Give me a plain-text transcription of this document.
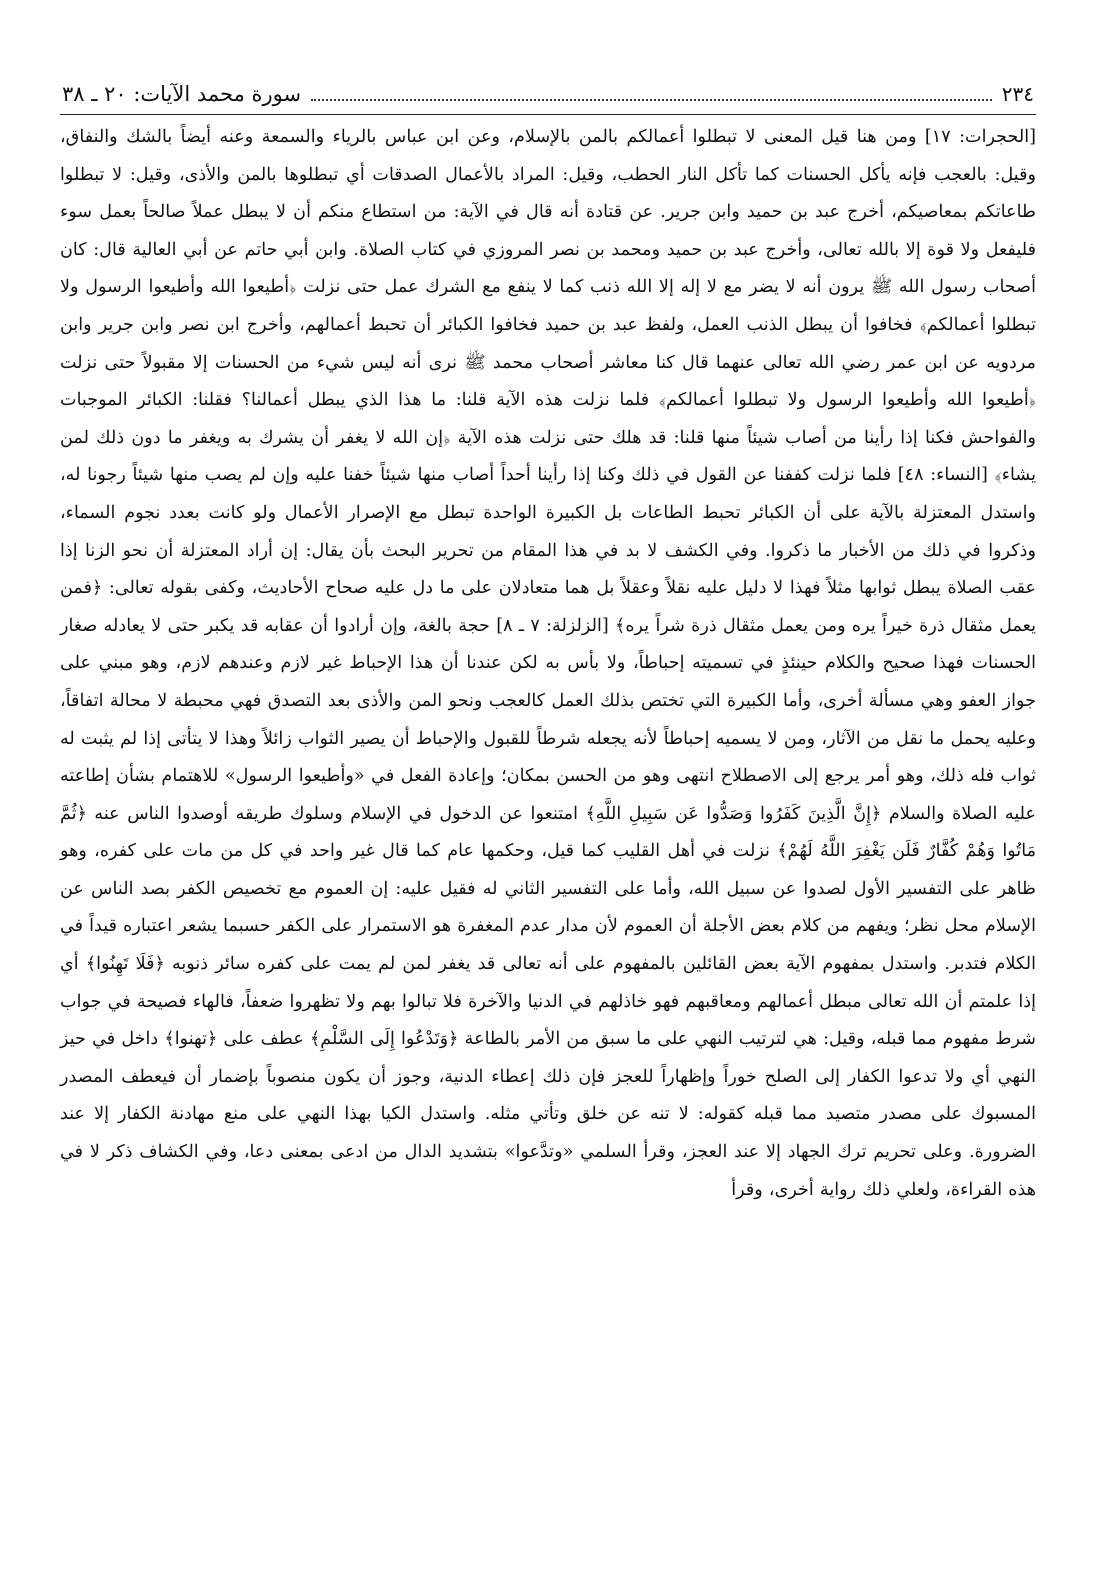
٢٣٤
سورة محمد الآيات: ٢٠ ـ ٣٨

[الحجرات: ١٧] ومن هنا قيل المعنى لا تبطلوا أعمالكم بالمن بالإسلام، وعن ابن عباس بالرياء والسمعة وعنه أيضاً بالشك والنفاق، وقيل: بالعجب فإنه يأكل الحسنات كما تأكل النار الحطب، وقيل: المراد بالأعمال الصدقات أي تبطلوها بالمن والأذى، وقيل: لا تبطلوا طاعاتكم بمعاصيكم، أخرج عبد بن حميد وابن جرير. عن قتادة أنه قال في الآية: من استطاع منكم أن لا يبطل عملاً صالحاً بعمل سوء فليفعل ولا قوة إلا بالله تعالى، وأخرج عبد بن حميد ومحمد بن نصر المروزي في كتاب الصلاة. وابن أبي حاتم عن أبي العالية قال: كان أصحاب رسول الله ﷺ يرون أنه لا يضر مع لا إله إلا الله ذنب كما لا ينفع مع الشرك عمل حتى نزلت ﴿أطيعوا الله وأطيعوا الرسول ولا تبطلوا أعمالكم﴾ فخافوا أن يبطل الذنب العمل، ولفظ عبد بن حميد فخافوا الكبائر أن تحبط أعمالهم، وأخرج ابن نصر وابن جرير وابن مردويه عن ابن عمر رضي الله تعالى عنهما قال كنا معاشر أصحاب محمد ﷺ نرى أنه ليس شيء من الحسنات إلا مقبولاً حتى نزلت ﴿أطيعوا الله وأطيعوا الرسول ولا تبطلوا أعمالكم﴾ فلما نزلت هذه الآية قلنا: ما هذا الذي يبطل أعمالنا؟ فقلنا: الكبائر الموجبات والفواحش فكنا إذا رأينا من أصاب شيئاً منها قلنا: قد هلك حتى نزلت هذه الآية ﴿إن الله لا يغفر أن يشرك به ويغفر ما دون ذلك لمن يشاء﴾ [النساء: ٤٨] فلما نزلت كففنا عن القول في ذلك وكنا إذا رأينا أحداً أصاب منها شيئاً خفنا عليه وإن لم يصب منها شيئاً رجونا له، واستدل المعتزلة بالآية على أن الكبائر تحبط الطاعات بل الكبيرة الواحدة تبطل مع الإصرار الأعمال ولو كانت بعدد نجوم السماء، وذكروا في ذلك من الأخبار ما ذكروا. وفي الكشف لا بد في هذا المقام من تحرير البحث بأن يقال: إن أراد المعتزلة أن نحو الزنا إذا عقب الصلاة يبطل ثوابها مثلاً فهذا لا دليل عليه نقلاً وعقلاً بل هما متعادلان على ما دل عليه صحاح الأحاديث، وكفى بقوله تعالى: ﴿فمن يعمل مثقال ذرة خيراً يره ومن يعمل مثقال ذرة شراً يره﴾ [الزلزلة: ٧ ـ ٨] حجة بالغة، وإن أرادوا أن عقابه قد يكبر حتى لا يعادله صغار الحسنات فهذا صحيح والكلام حينئذٍ في تسميته إحباطاً، ولا بأس به لكن عندنا أن هذا الإحباط غير لازم وعندهم لازم، وهو مبني على جواز العفو وهي مسألة أخرى، وأما الكبيرة التي تختص بذلك العمل كالعجب ونحو المن والأذى بعد التصدق فهي محبطة لا محالة اتفاقاً، وعليه يحمل ما نقل من الآثار، ومن لا يسميه إحباطاً لأنه يجعله شرطاً للقبول والإحباط أن يصير الثواب زائلاً وهذا لا يتأتى إذا لم يثبت له ثواب فله ذلك، وهو أمر يرجع إلى الاصطلاح انتهى وهو من الحسن بمكان؛ وإعادة الفعل في «وأطيعوا الرسول» للاهتمام بشأن إطاعته عليه الصلاة والسلام ﴿إِنَّ الَّذِينَ كَفَرُوا وَصَدُّوا عَن سَبِيلِ اللَّهِ﴾ امتنعوا عن الدخول في الإسلام وسلوك طريقه أوصدوا الناس عنه ﴿ثُمَّ مَاتُوا وَهُمْ كُفَّارٌ فَلَن يَغْفِرَ اللَّهُ لَهُمْ﴾ نزلت في أهل القليب كما قيل، وحكمها عام كما قال غير واحد في كل من مات على كفره، وهو ظاهر على التفسير الأول لصدوا عن سبيل الله، وأما على التفسير الثاني له فقيل عليه: إن العموم مع تخصيص الكفر بصد الناس عن الإسلام محل نظر؛ ويفهم من كلام بعض الأجلة أن العموم لأن مدار عدم المغفرة هو الاستمرار على الكفر حسبما يشعر اعتباره قيداً في الكلام فتدبر. واستدل بمفهوم الآية بعض القائلين بالمفهوم على أنه تعالى قد يغفر لمن لم يمت على كفره سائر ذنوبه ﴿فَلَا تَهِنُوا﴾ أي إذا علمتم أن الله تعالى مبطل أعمالهم ومعاقبهم فهو خاذلهم في الدنيا والآخرة فلا تبالوا بهم ولا تظهروا ضعفاً، فالهاء فصيحة في جواب شرط مفهوم مما قبله، وقيل: هي لترتيب النهي على ما سبق من الأمر بالطاعة ﴿وَتَدْعُوا إِلَى السَّلْمِ﴾ عطف على ﴿تهنوا﴾ داخل في حيز النهي أي ولا تدعوا الكفار إلى الصلح خوراً وإظهاراً للعجز فإن ذلك إعطاء الدنية، وجوز أن يكون منصوباً بإضمار أن فيعطف المصدر المسبوك على مصدر متصيد مما قبله كقوله: لا تنه عن خلق وتأتي مثله. واستدل الكيا بهذا النهي على منع مهادنة الكفار إلا عند الضرورة. وعلى تحريم ترك الجهاد إلا عند العجز، وقرأ السلمي «وتدَّعوا» بتشديد الدال من ادعى بمعنى دعا، وفي الكشاف ذكر لا في هذه القراءة، ولعلي ذلك رواية أخرى، وقرأ
